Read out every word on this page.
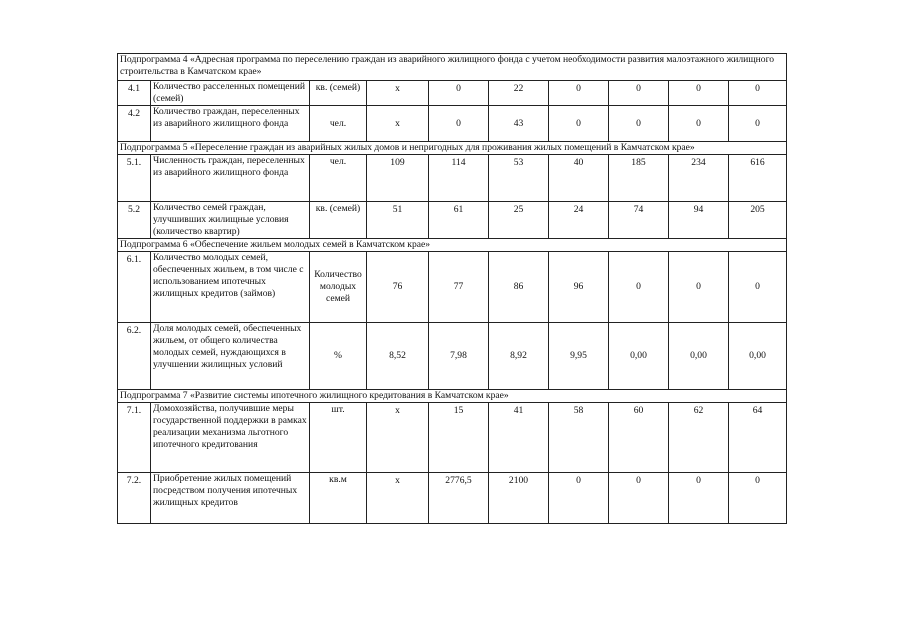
Подпрограмма 4 «Адресная программа по переселению граждан из аварийного жилищного фонда с учетом необходимости развития малоэтажного жилищного строительства в Камчатском крае»									
4.1	Количество расселенных помещений (семей)	кв. (семей)	х	0	22	0	0	0	0
4.2	Количество граждан, переселенных из аварийного жилищного фонда	чел.	х	0	43	0	0	0	0
Подпрограмма 5 «Переселение граждан из аварийных жилых домов и непригодных для проживания жилых помещений в Камчатском крае»									
5.1.	Численность граждан, переселенных из аварийного жилищного фонда	чел.	109	114	53	40	185	234	616
5.2	Количество семей граждан, улучшивших жилищные условия (количество квартир)	кв. (семей)	51	61	25	24	74	94	205
Подпрограмма 6 «Обеспечение жильем молодых семей в Камчатском крае»									
6.1.	Количество молодых семей, обеспеченных жильем, в том числе с использованием ипотечных жилищных кредитов (займов)	Количество молодых семей	76	77	86	96	0	0	0
6.2.	Доля молодых семей, обеспеченных жильем, от общего количества молодых семей, нуждающихся в улучшении жилищных условий	%	8,52	7,98	8,92	9,95	0,00	0,00	0,00
Подпрограмма 7 «Развитие системы ипотечного жилищного кредитования в Камчатском крае»									
7.1.	Домохозяйства, получившие меры государственной поддержки в рамках реализации механизма льготного ипотечного кредитования	шт.	х	15	41	58	60	62	64
7.2.	Приобретение жилых помещений посредством получения ипотечных жилищных кредитов	кв.м	х	2776,5	2100	0	0	0	0
